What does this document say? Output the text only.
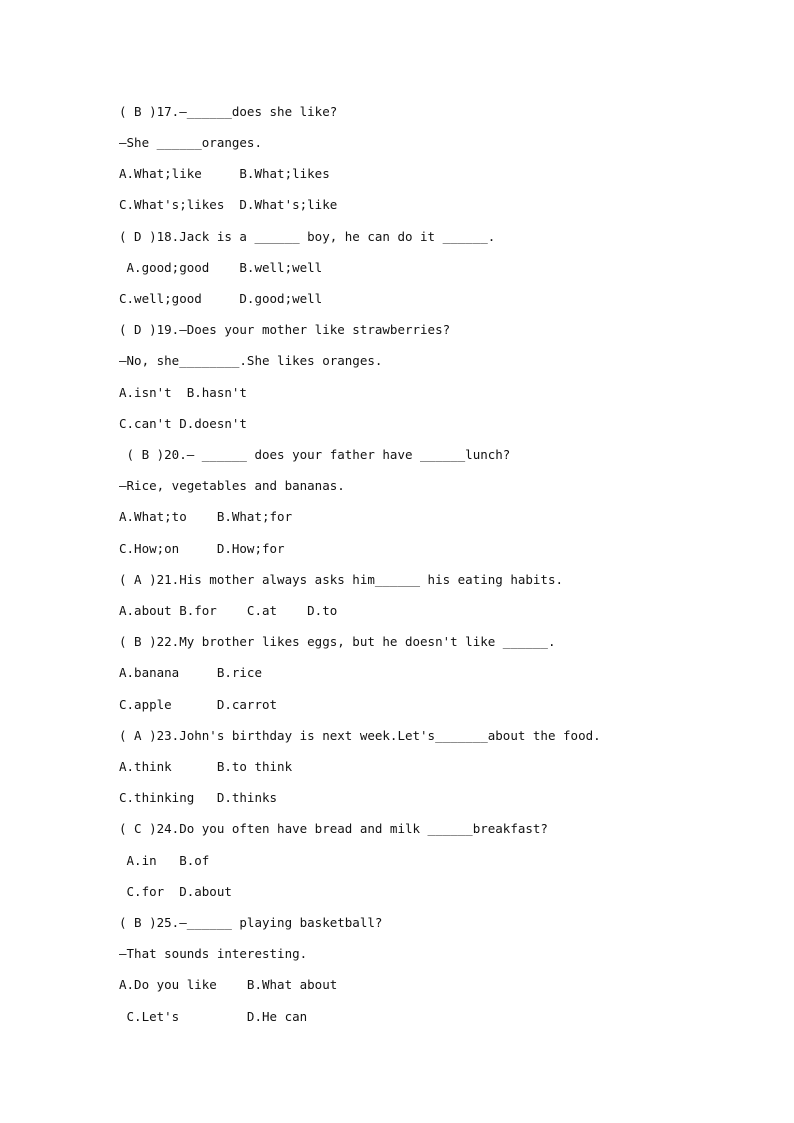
( B )17.—______does she like?
—She ______oranges.
A.What;like     B.What;likes
C.What's;likes  D.What's;like
( D )18.Jack is a ______ boy, he can do it ______.
A.good;good    B.well;well
C.well;good     D.good;well
( D )19.—Does your mother like strawberries?
—No, she________.She likes oranges.
A.isn't  B.hasn't
C.can't D.doesn't
( B )20.— ______ does your father have ______lunch?
—Rice, vegetables and bananas.
A.What;to    B.What;for
C.How;on     D.How;for
( A )21.His mother always asks him______ his eating habits.
A.about B.for    C.at    D.to
( B )22.My brother likes eggs, but he doesn't like ______.
A.banana     B.rice
C.apple      D.carrot
( A )23.John's birthday is next week.Let's_______about the food.
A.think      B.to think
C.thinking   D.thinks
( C )24.Do you often have bread and milk ______breakfast?
A.in   B.of
C.for  D.about
( B )25.—______ playing basketball?
—That sounds interesting.
A.Do you like    B.What about
C.Let's         D.He can
